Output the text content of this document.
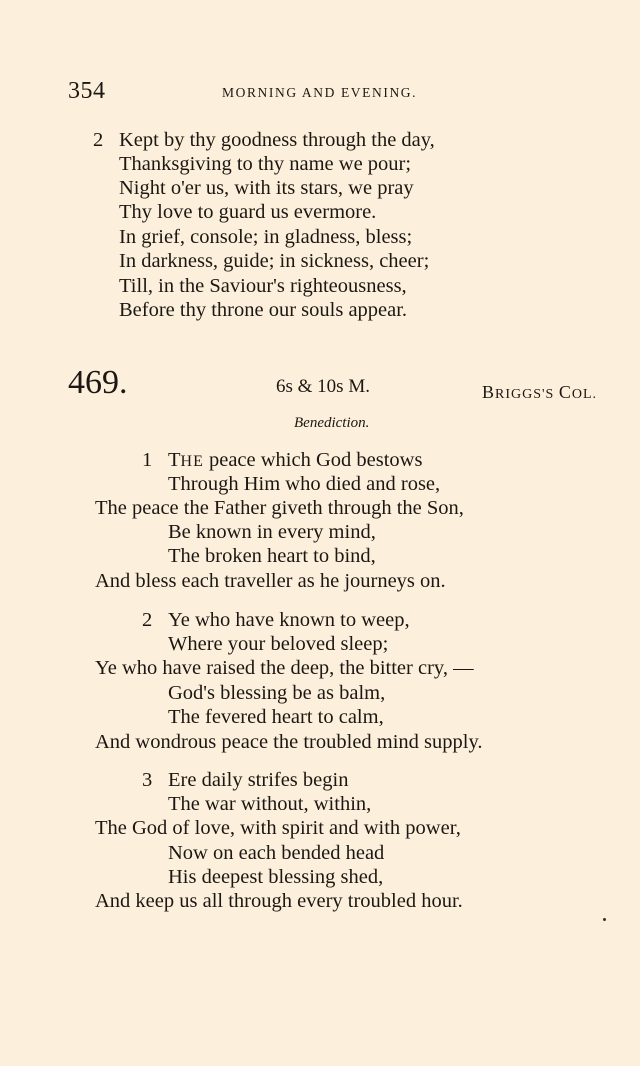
354	MORNING AND EVENING.
2 Kept by thy goodness through the day,
Thanksgiving to thy name we pour;
Night o'er us, with its stars, we pray
Thy love to guard us evermore.
In grief, console; in gladness, bless;
In darkness, guide; in sickness, cheer;
Till, in the Saviour's righteousness,
Before thy throne our souls appear.
469.	6s & 10s M.	BRIGGS'S COL.
Benediction.
1 THE peace which God bestows
Through Him who died and rose,
The peace the Father giveth through the Son,
Be known in every mind,
The broken heart to bind,
And bless each traveller as he journeys on.
2 Ye who have known to weep,
Where your beloved sleep;
Ye who have raised the deep, the bitter cry, —
God's blessing be as balm,
The fevered heart to calm,
And wondrous peace the troubled mind supply.
3 Ere daily strifes begin
The war without, within,
The God of love, with spirit and with power,
Now on each bended head
His deepest blessing shed,
And keep us all through every troubled hour.
